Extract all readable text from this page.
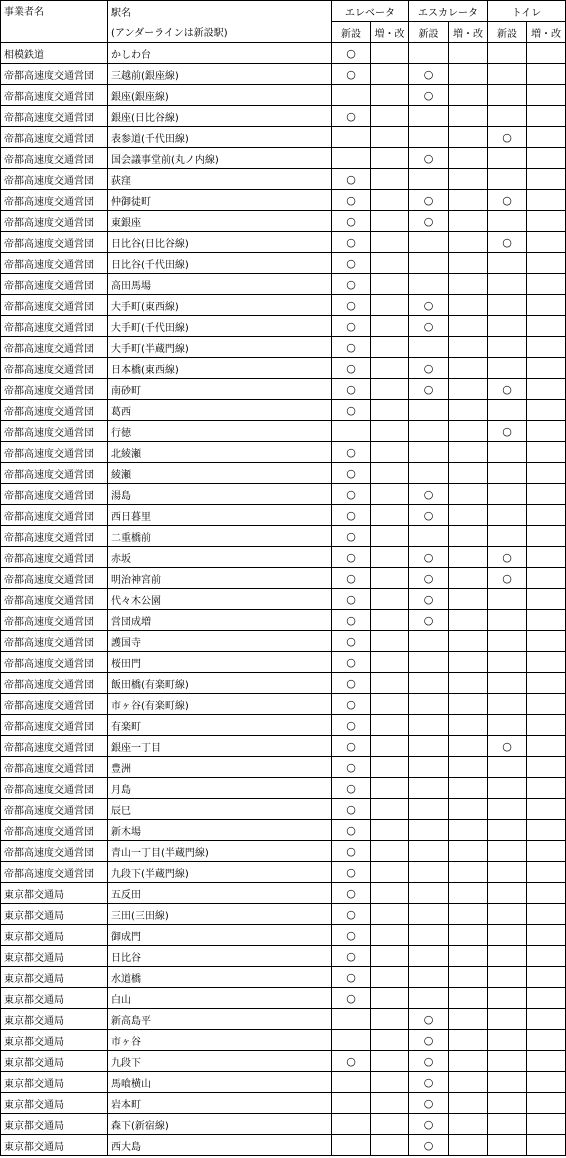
事業者名	駅名	エレベータ		エスカレータ		トイレ	
	(アンダーラインは新設駅)	新設	増・改	新設	増・改	新設	増・改
相模鉄道	かしわ台	○					
帝都高速度交通営団	三越前(銀座線)	○		○			
帝都高速度交通営団	銀座(銀座線)			○			
帝都高速度交通営団	銀座(日比谷線)	○					
帝都高速度交通営団	表参道(千代田線)					○	
帝都高速度交通営団	国会議事堂前(丸ノ内線)			○			
帝都高速度交通営団	荻窪	○					
帝都高速度交通営団	仲御徒町	○		○		○	
帝都高速度交通営団	東銀座	○		○			
帝都高速度交通営団	日比谷(日比谷線)	○				○	
帝都高速度交通営団	日比谷(千代田線)	○					
帝都高速度交通営団	高田馬場	○					
帝都高速度交通営団	大手町(東西線)	○		○			
帝都高速度交通営団	大手町(千代田線)	○		○			
帝都高速度交通営団	大手町(半蔵門線)	○					
帝都高速度交通営団	日本橋(東西線)	○		○			
帝都高速度交通営団	南砂町	○		○		○	
帝都高速度交通営団	葛西	○					
帝都高速度交通営団	行徳					○	
帝都高速度交通営団	北綾瀬	○					
帝都高速度交通営団	綾瀬	○					
帝都高速度交通営団	湯島	○		○			
帝都高速度交通営団	西日暮里	○		○			
帝都高速度交通営団	二重橋前	○					
帝都高速度交通営団	赤坂	○		○		○	
帝都高速度交通営団	明治神宮前	○		○		○	
帝都高速度交通営団	代々木公園	○		○			
帝都高速度交通営団	営団成増	○		○			
帝都高速度交通営団	護国寺	○					
帝都高速度交通営団	桜田門	○					
帝都高速度交通営団	飯田橋(有楽町線)	○					
帝都高速度交通営団	市ヶ谷(有楽町線)	○					
帝都高速度交通営団	有楽町	○					
帝都高速度交通営団	銀座一丁目	○				○	
帝都高速度交通営団	豊洲	○					
帝都高速度交通営団	月島	○					
帝都高速度交通営団	辰巳	○					
帝都高速度交通営団	新木場	○					
帝都高速度交通営団	青山一丁目(半蔵門線)	○					
帝都高速度交通営団	九段下(半蔵門線)	○					
東京都交通局	五反田	○					
東京都交通局	三田(三田線)	○					
東京都交通局	御成門	○					
東京都交通局	日比谷	○					
東京都交通局	水道橋	○					
東京都交通局	白山	○					
東京都交通局	新高島平			○			
東京都交通局	市ヶ谷			○			
東京都交通局	九段下	○		○			
東京都交通局	馬喰横山			○			
東京都交通局	岩本町			○			
東京都交通局	森下(新宿線)			○			
東京都交通局	西大島			○			
